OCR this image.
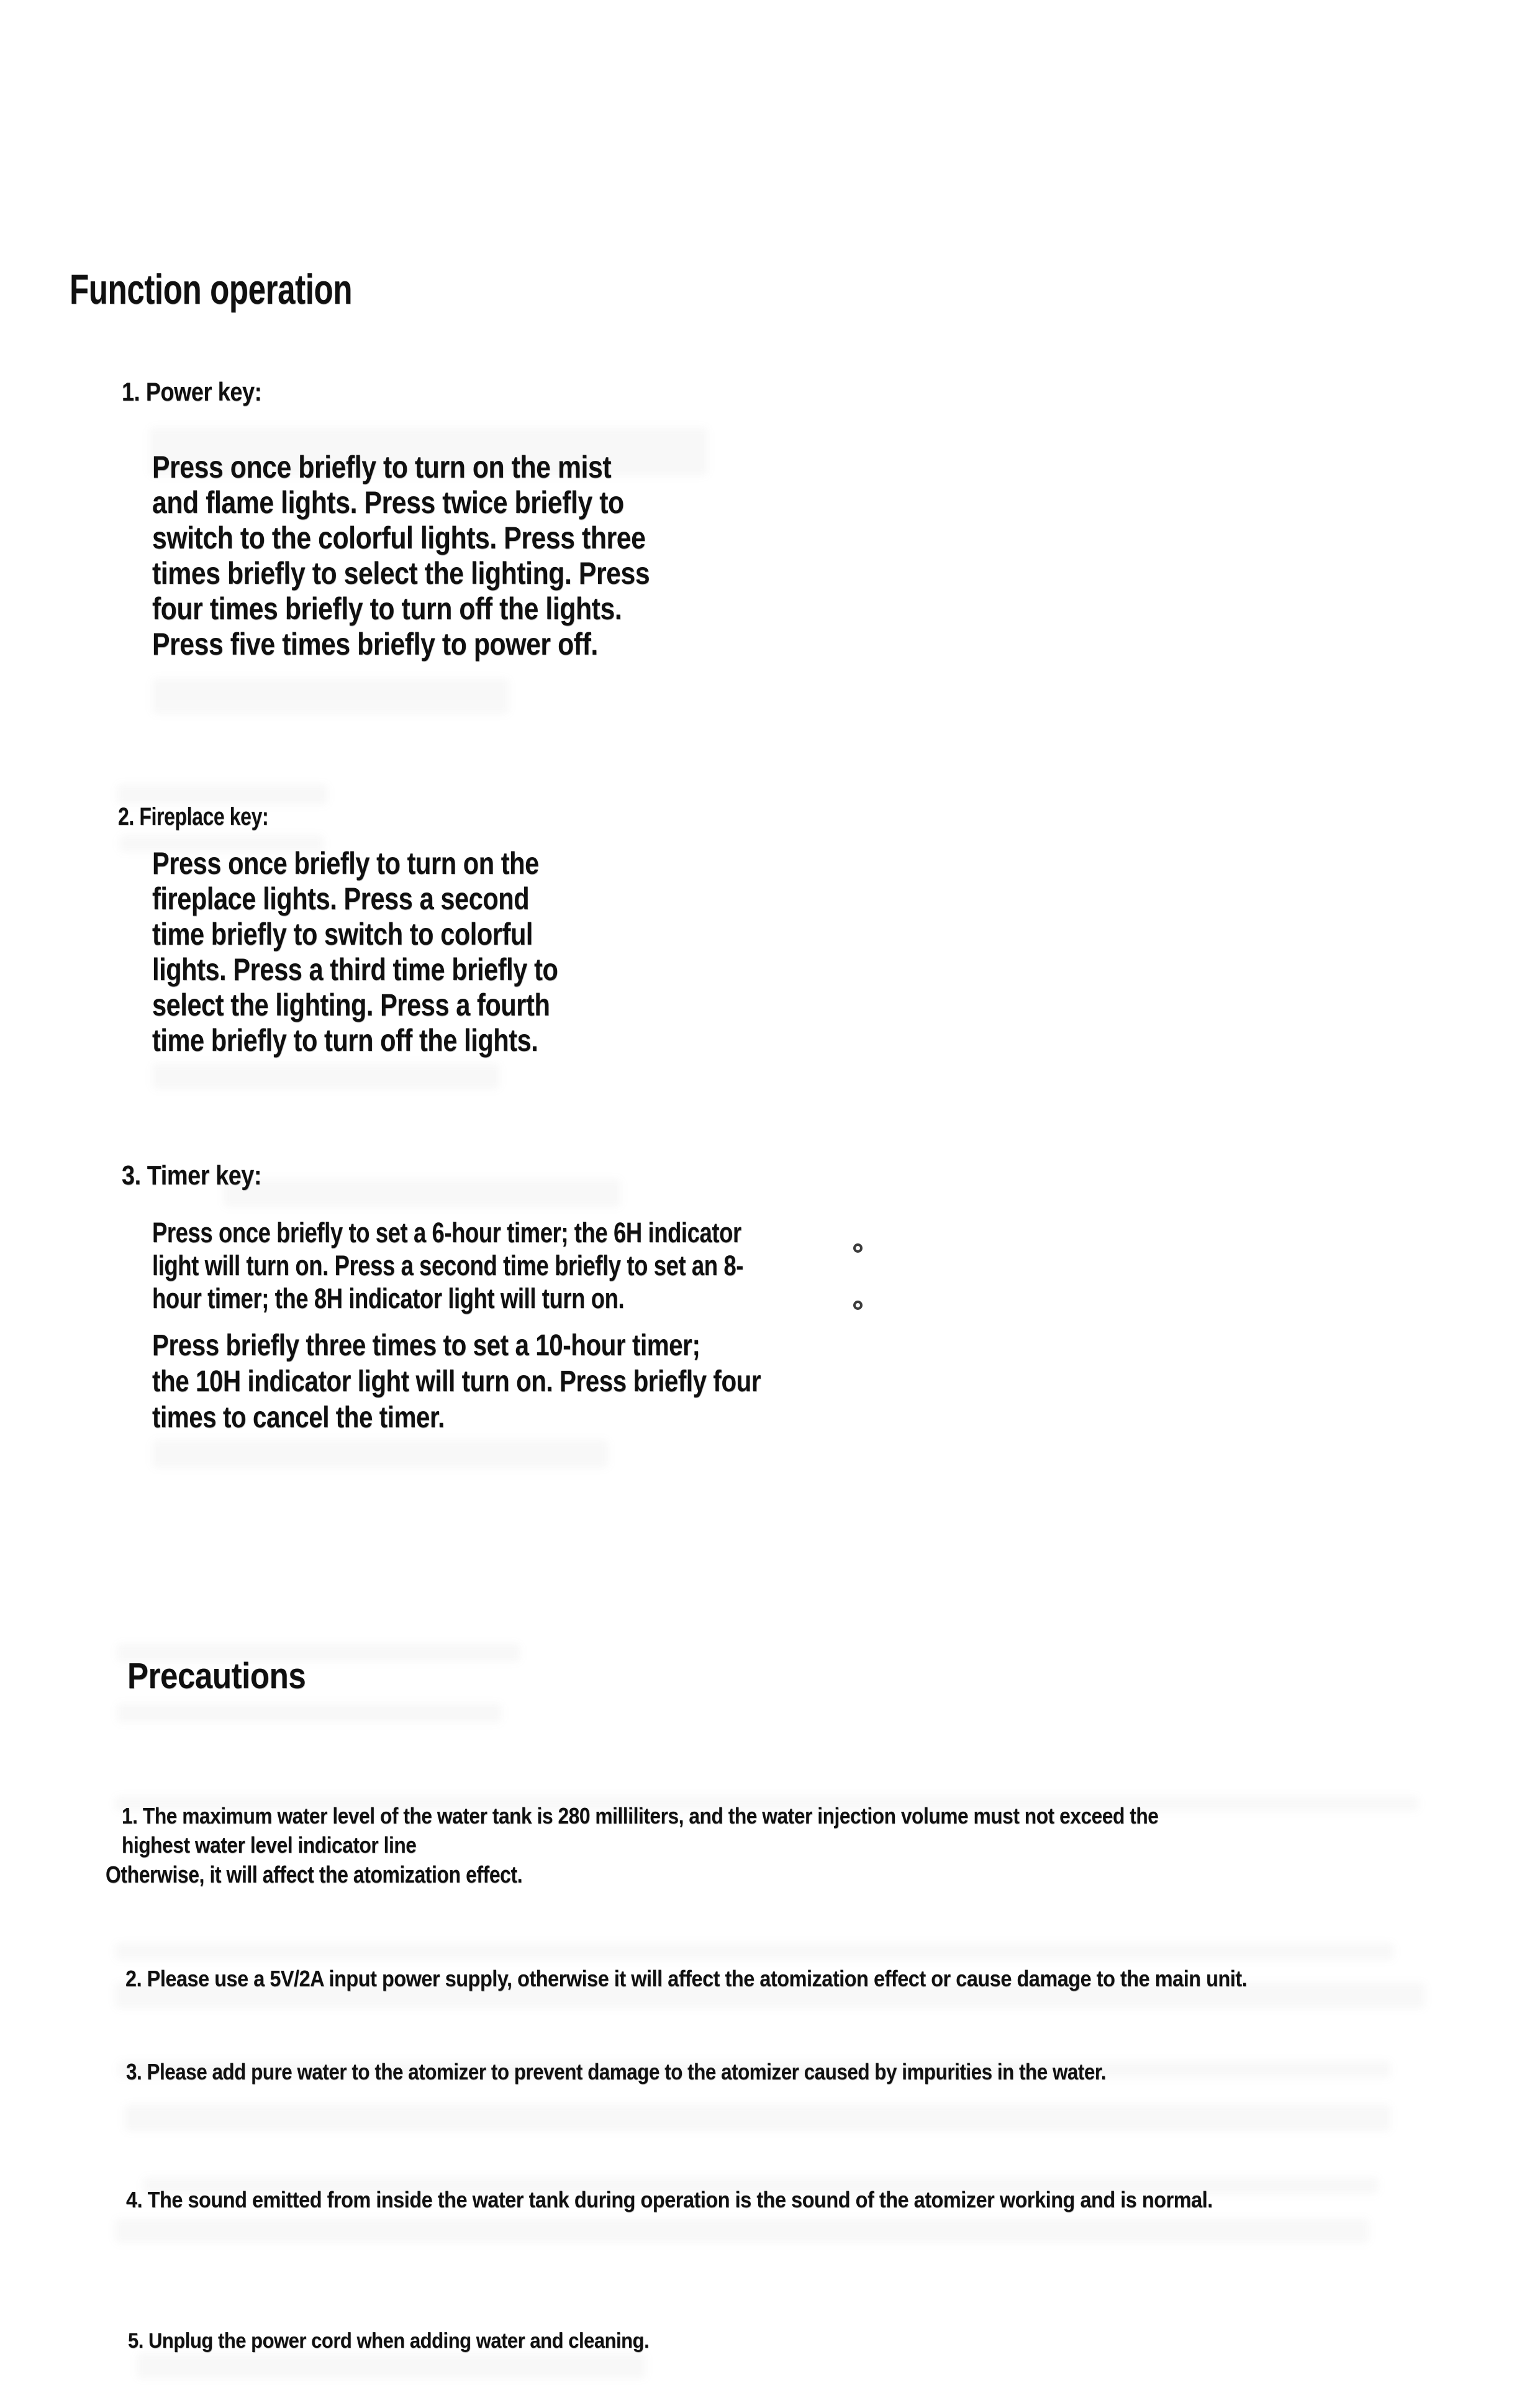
Function operation
1. Power key:
Press once briefly to turn on the mist
and flame lights. Press twice briefly to
switch to the colorful lights. Press three
times briefly to select the lighting. Press
four times briefly to turn off the lights.
Press five times briefly to power off.
2. Fireplace key:
Press once briefly to turn on the
fireplace lights. Press a second
time briefly to switch to colorful
lights. Press a third time briefly to
select the lighting. Press a fourth
time briefly to turn off the lights.
3. Timer key:
Press once briefly to set a 6-hour timer; the 6H indicator
light will turn on. Press a second time briefly to set an 8-
hour timer; the 8H indicator light will turn on.
Press briefly three times to set a 10-hour timer;
the 10H indicator light will turn on. Press briefly four
times to cancel the timer.
Precautions
1. The maximum water level of the water tank is 280 milliliters, and the water injection volume must not exceed the
highest water level indicator line
Otherwise, it will affect the atomization effect.
2. Please use a 5V/2A input power supply, otherwise it will affect the atomization effect or cause damage to the main unit.
3. Please add pure water to the atomizer to prevent damage to the atomizer caused by impurities in the water.
4. The sound emitted from inside the water tank during operation is the sound of the atomizer working and is normal.
5. Unplug the power cord when adding water and cleaning.
